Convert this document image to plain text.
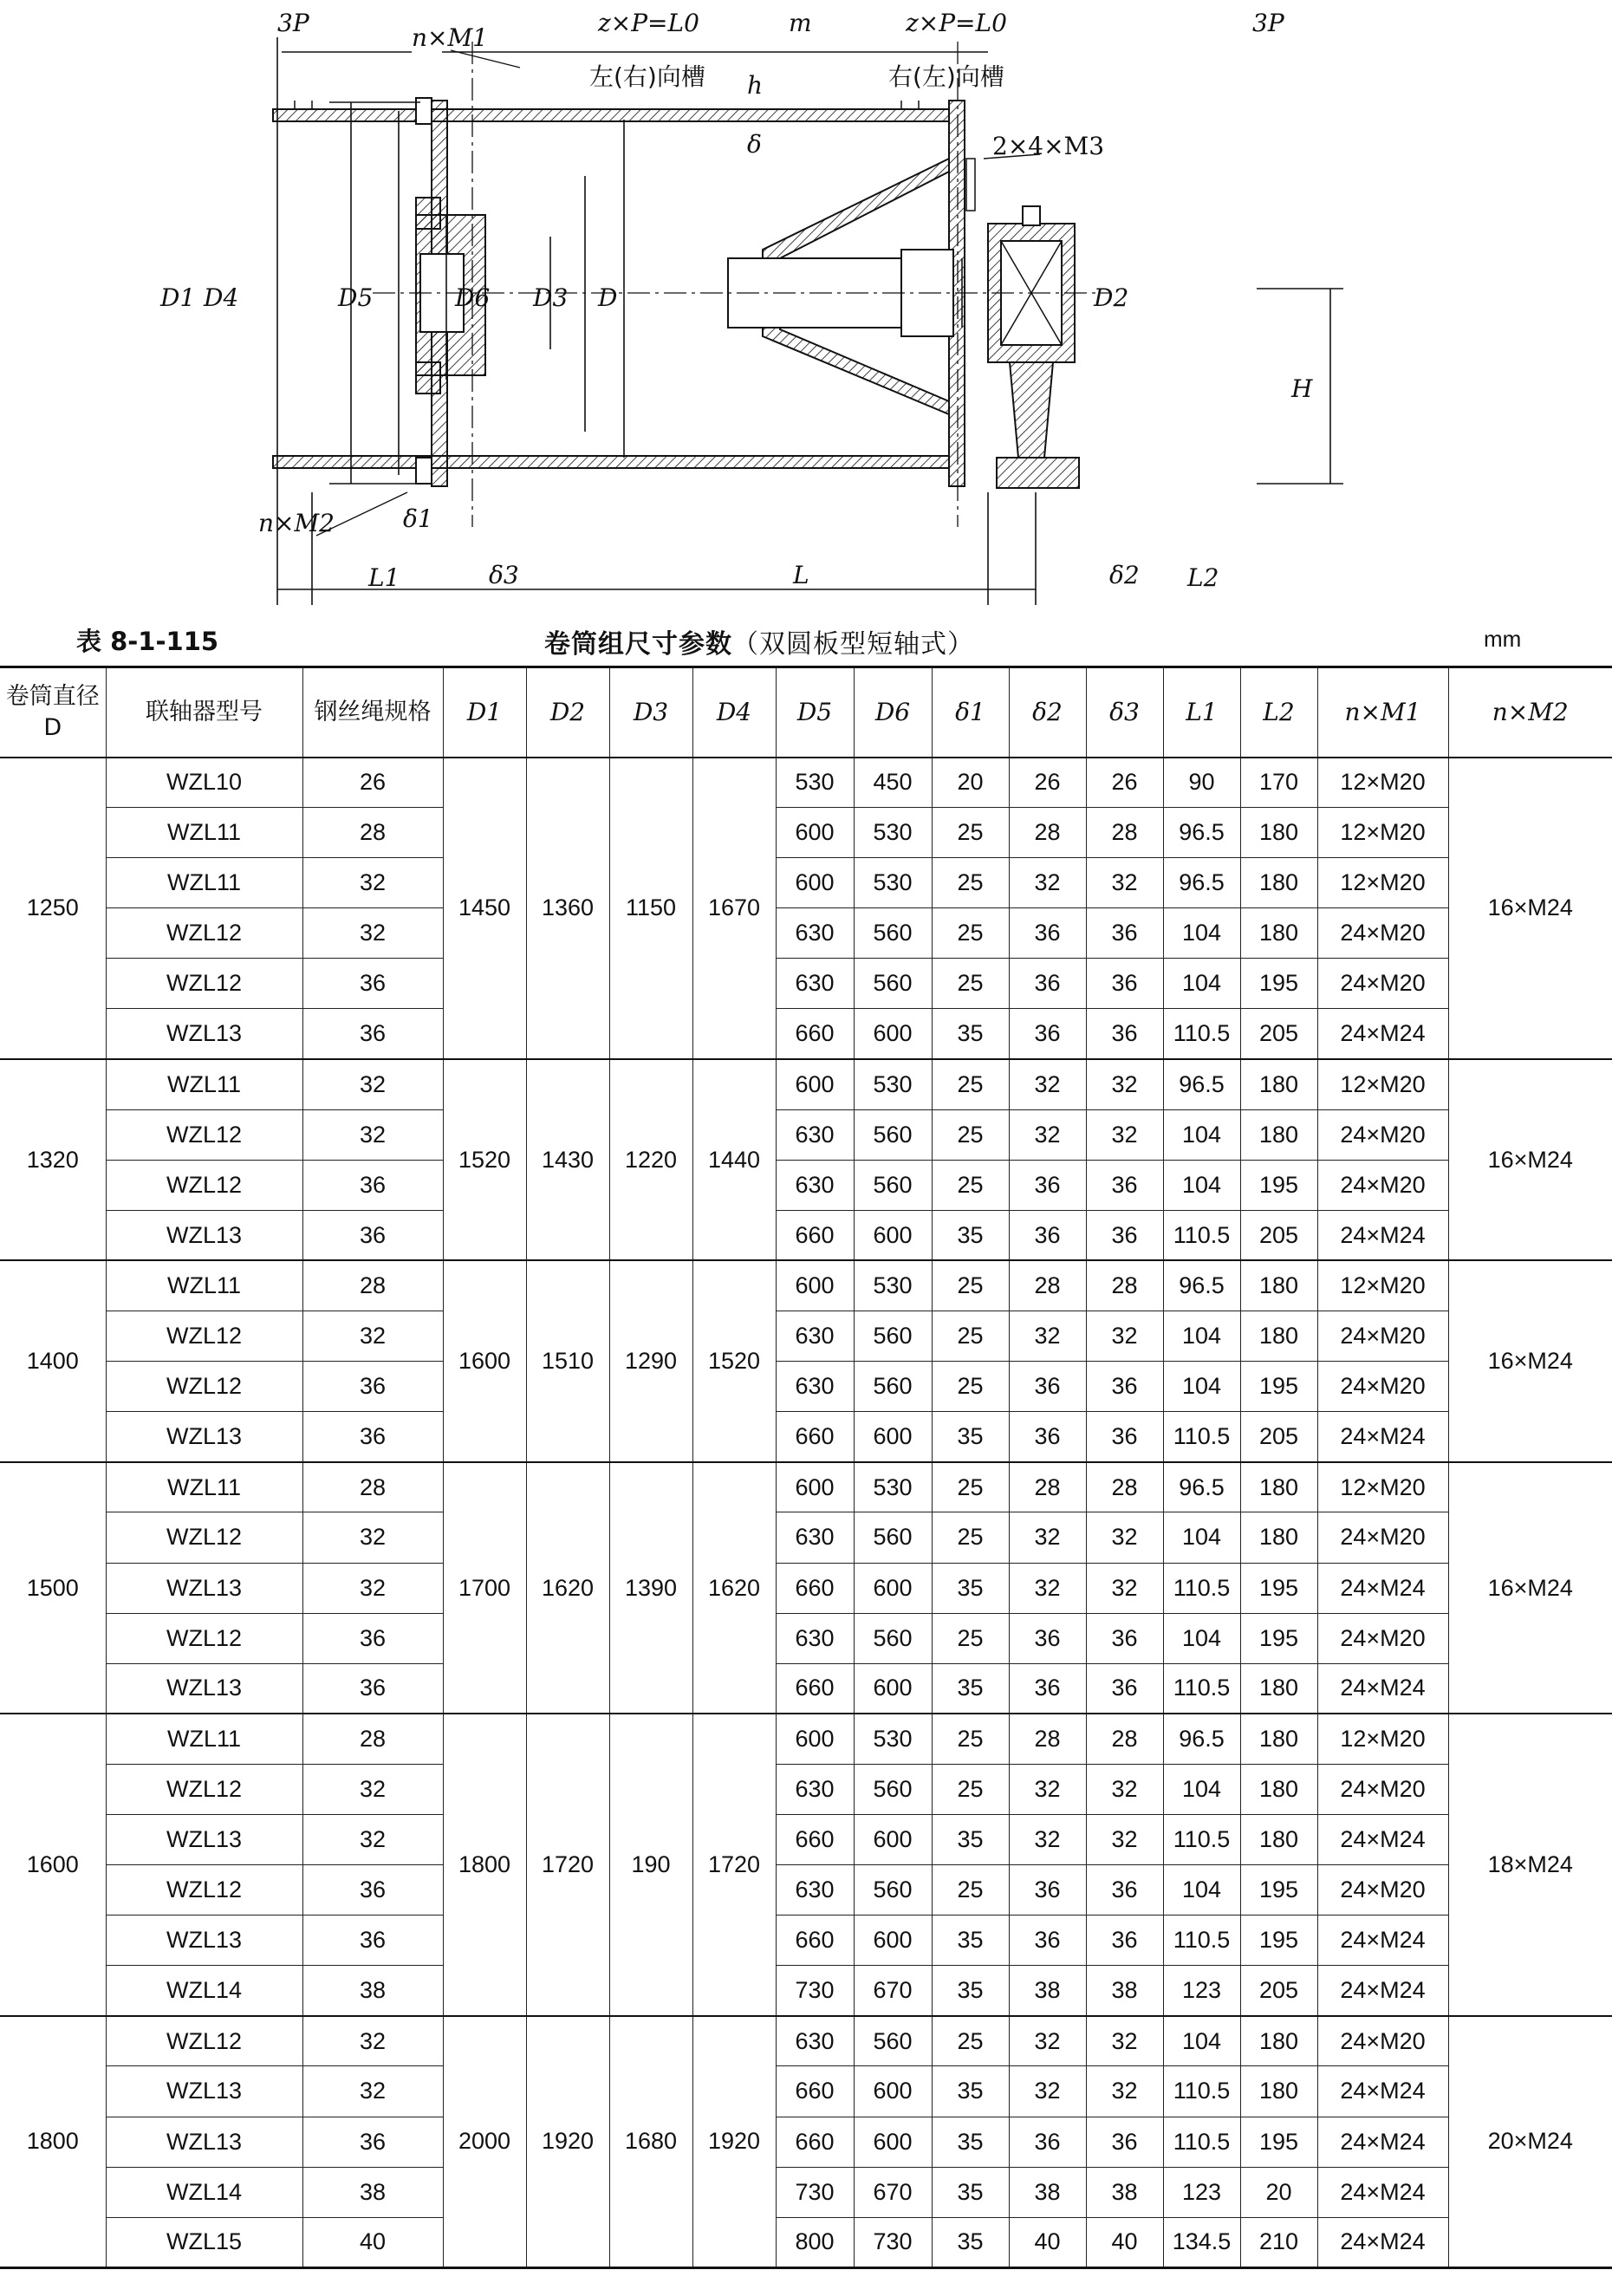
n×M1
n×M2
3P	3P
z×P=L0	z×P=L0
m
左(右)向槽	右(左)向槽
h
δ	2×4×M3
D1 D4	D5	D6 D3 D	D2
H
δ1
δ2
δ3
L1	L	L2
表 8-1-115	卷筒组尺寸参数（双圆板型短轴式）	mm
卷筒直径 D	联轴器型号	钢丝绳规格	D1	D2	D3	D4	D5	D6	δ1	δ2	δ3	L1	L2	n×M1	n×M2
1250	WZL10	26	1450	1360	1150	1670	530	450	20	26	26	90	170	12×M20	16×M24
	WZL11	28					600	530	25	28	28	96.5	180	12×M20	
	WZL11	32					600	530	25	32	32	96.5	180	12×M20	
	WZL12	32					630	560	25	36	36	104	180	24×M20	
	WZL12	36					630	560	25	36	36	104	195	24×M20	
	WZL13	36					660	600	35	36	36	110.5	205	24×M24	
1320	WZL11	32	1520	1430	1220	1440	600	530	25	32	32	96.5	180	12×M20	16×M24
	WZL12	32					630	560	25	32	32	104	180	24×M20	
	WZL12	36					630	560	25	36	36	104	195	24×M20	
	WZL13	36					660	600	35	36	36	110.5	205	24×M24	
1400	WZL11	28	1600	1510	1290	1520	600	530	25	28	28	96.5	180	12×M20	16×M24
	WZL12	32					630	560	25	32	32	104	180	24×M20	
	WZL12	36					630	560	25	36	36	104	195	24×M20	
	WZL13	36					660	600	35	36	36	110.5	205	24×M24	
1500	WZL11	28	1700	1620	1390	1620	600	530	25	28	28	96.5	180	12×M20	16×M24
	WZL12	32					630	560	25	32	32	104	180	24×M20	
	WZL13	32					660	600	35	32	32	110.5	195	24×M24	
	WZL12	36					630	560	25	36	36	104	195	24×M20	
	WZL13	36					660	600	35	36	36	110.5	180	24×M24	
1600	WZL11	28	1800	1720	190	1720	600	530	25	28	28	96.5	180	12×M20	18×M24
	WZL12	32					630	560	25	32	32	104	180	24×M20	
	WZL13	32					660	600	35	32	32	110.5	180	24×M24	
	WZL12	36					630	560	25	36	36	104	195	24×M20	
	WZL13	36					660	600	35	36	36	110.5	195	24×M24	
	WZL14	38					730	670	35	38	38	123	205	24×M24	
1800	WZL12	32	2000	1920	1680	1920	630	560	25	32	32	104	180	24×M20	20×M24
	WZL13	32					660	600	35	32	32	110.5	180	24×M24	
	WZL13	36					660	600	35	36	36	110.5	195	24×M24	
	WZL14	38					730	670	35	38	38	123	20	24×M24	
	WZL15	40					800	730	35	40	40	134.5	210	24×M24	
